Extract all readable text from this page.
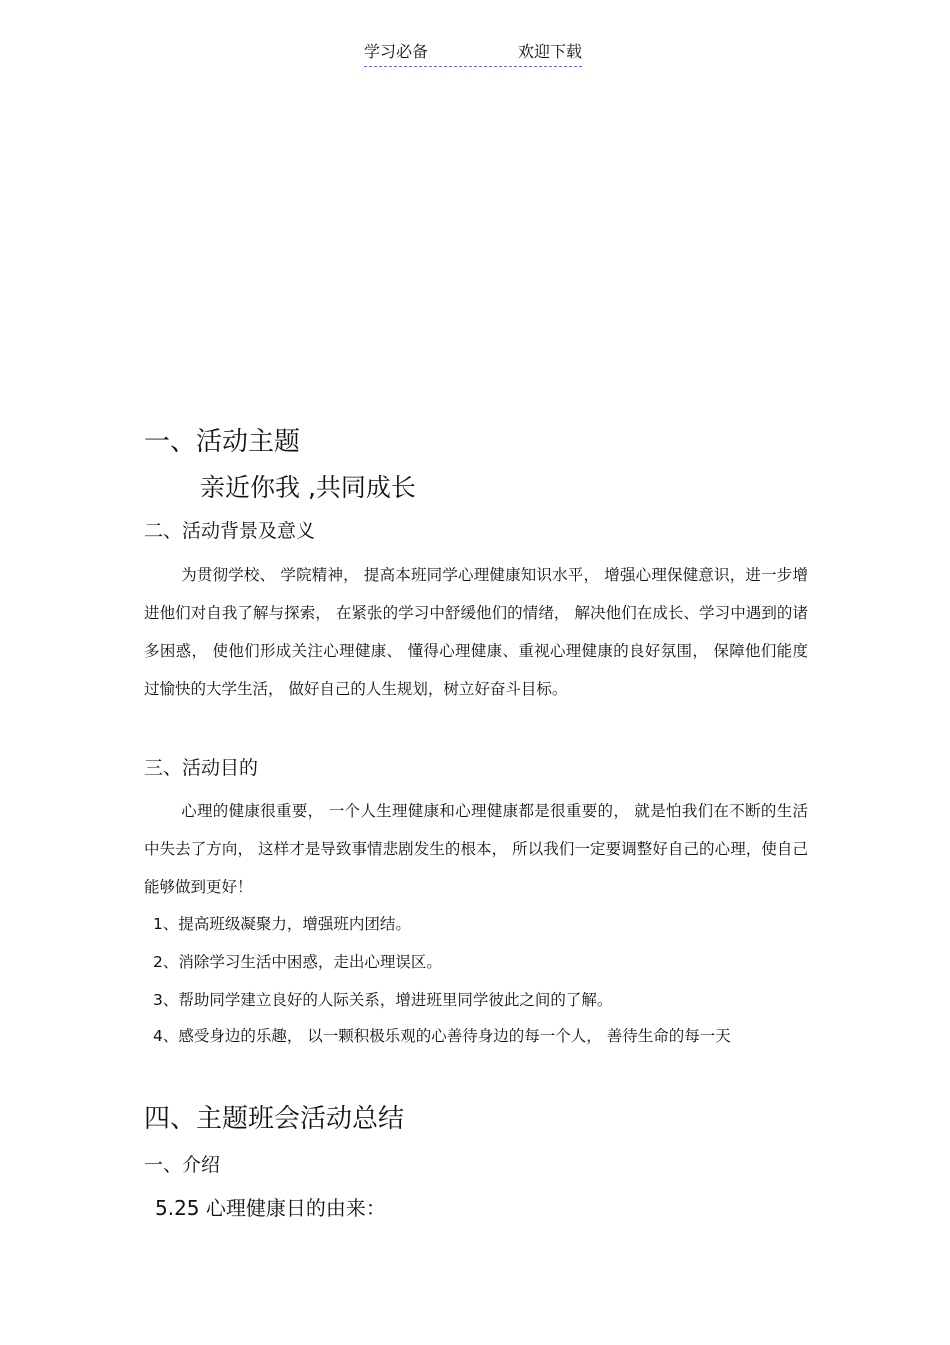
学习必备	欢迎下载
一、活动主题
亲近你我 ,共同成长
二、活动背景及意义
为贯彻学校、 学院精神， 提高本班同学心理健康知识水平， 增强心理保健意识，进一步增进他们对自我了解与探索， 在紧张的学习中舒缓他们的情绪， 解决他们在成长、学习中遇到的诸多困惑， 使他们形成关注心理健康、 懂得心理健康、重视心理健康的良好氛围， 保障他们能度过愉快的大学生活， 做好自己的人生规划，树立好奋斗目标。
三、活动目的
心理的健康很重要， 一个人生理健康和心理健康都是很重要的， 就是怕我们在不断的生活中失去了方向， 这样才是导致事情悲剧发生的根本， 所以我们一定要调整好自己的心理，使自己能够做到更好！
1、提高班级凝聚力，增强班内团结。
2、消除学习生活中困惑，走出心理误区。
3、帮助同学建立良好的人际关系，增进班里同学彼此之间的了解。
4、感受身边的乐趣， 以一颗积极乐观的心善待身边的每一个人， 善待生命的每一天
四、主题班会活动总结
一、介绍
5.25 心理健康日的由来：
